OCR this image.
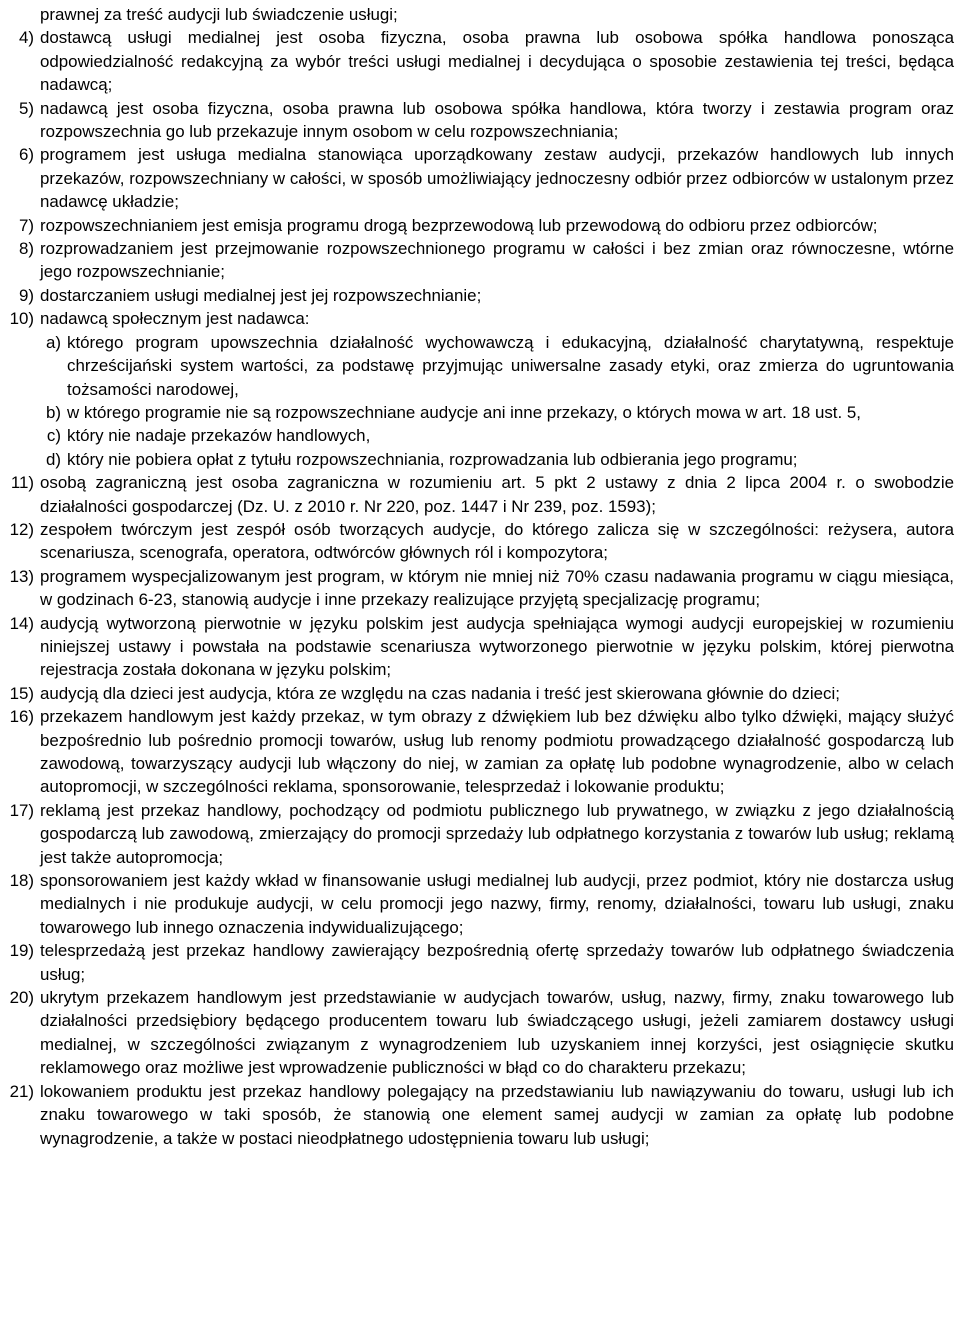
prawnej za treść audycji lub świadczenie usługi;
4) dostawcą usługi medialnej jest osoba fizyczna, osoba prawna lub osobowa spółka handlowa ponosząca odpowiedzialność redakcyjną za wybór treści usługi medialnej i decydująca o sposobie zestawienia tej treści, będąca nadawcą;
5) nadawcą jest osoba fizyczna, osoba prawna lub osobowa spółka handlowa, która tworzy i zestawia program oraz rozpowszechnia go lub przekazuje innym osobom w celu rozpowszechniania;
6) programem jest usługa medialna stanowiąca uporządkowany zestaw audycji, przekazów handlowych lub innych przekazów, rozpowszechniany w całości, w sposób umożliwiający jednoczesny odbiór przez odbiorców w ustalonym przez nadawcę układzie;
7) rozpowszechnianiem jest emisja programu drogą bezprzewodową lub przewodową do odbioru przez odbiorców;
8) rozprowadzaniem jest przejmowanie rozpowszechnionego programu w całości i bez zmian oraz równoczesne, wtórne jego rozpowszechnianie;
9) dostarczaniem usługi medialnej jest jej rozpowszechnianie;
10) nadawcą społecznym jest nadawca:
a) którego program upowszechnia działalność wychowawczą i edukacyjną, działalność charytatywną, respektuje chrześcijański system wartości, za podstawę przyjmując uniwersalne zasady etyki, oraz zmierza do ugruntowania tożsamości narodowej,
b) w którego programie nie są rozpowszechniane audycje ani inne przekazy, o których mowa w art. 18 ust. 5,
c) który nie nadaje przekazów handlowych,
d) który nie pobiera opłat z tytułu rozpowszechniania, rozprowadzania lub odbierania jego programu;
11) osobą zagraniczną jest osoba zagraniczna w rozumieniu art. 5 pkt 2 ustawy z dnia 2 lipca 2004 r. o swobodzie działalności gospodarczej (Dz. U. z 2010 r. Nr 220, poz. 1447 i Nr 239, poz. 1593);
12) zespołem twórczym jest zespół osób tworzących audycje, do którego zalicza się w szczególności: reżysera, autora scenariusza, scenografa, operatora, odtwórców głównych ról i kompozytora;
13) programem wyspecjalizowanym jest program, w którym nie mniej niż 70% czasu nadawania programu w ciągu miesiąca, w godzinach 6-23, stanowią audycje i inne przekazy realizujące przyjętą specjalizację programu;
14) audycją wytworzoną pierwotnie w języku polskim jest audycja spełniająca wymogi audycji europejskiej w rozumieniu niniejszej ustawy i powstała na podstawie scenariusza wytworzonego pierwotnie w języku polskim, której pierwotna rejestracja została dokonana w języku polskim;
15) audycją dla dzieci jest audycja, która ze względu na czas nadania i treść jest skierowana głównie do dzieci;
16) przekazem handlowym jest każdy przekaz, w tym obrazy z dźwiękiem lub bez dźwięku albo tylko dźwięki, mający służyć bezpośrednio lub pośrednio promocji towarów, usług lub renomy podmiotu prowadzącego działalność gospodarczą lub zawodową, towarzyszący audycji lub włączony do niej, w zamian za opłatę lub podobne wynagrodzenie, albo w celach autopromocji, w szczególności reklama, sponsorowanie, telesprzedaż i lokowanie produktu;
17) reklamą jest przekaz handlowy, pochodzący od podmiotu publicznego lub prywatnego, w związku z jego działalnością gospodarczą lub zawodową, zmierzający do promocji sprzedaży lub odpłatnego korzystania z towarów lub usług; reklamą jest także autopromocja;
18) sponsorowaniem jest każdy wkład w finansowanie usługi medialnej lub audycji, przez podmiot, który nie dostarcza usług medialnych i nie produkuje audycji, w celu promocji jego nazwy, firmy, renomy, działalności, towaru lub usługi, znaku towarowego lub innego oznaczenia indywidualizującego;
19) telesprzedażą jest przekaz handlowy zawierający bezpośrednią ofertę sprzedaży towarów lub odpłatnego świadczenia usług;
20) ukrytym przekazem handlowym jest przedstawianie w audycjach towarów, usług, nazwy, firmy, znaku towarowego lub działalności przedsiębiory będącego producentem towaru lub świadczącego usługi, jeżeli zamiarem dostawcy usługi medialnej, w szczególności związanym z wynagrodzeniem lub uzyskaniem innej korzyści, jest osiągnięcie skutku reklamowego oraz możliwe jest wprowadzenie publiczności w błąd co do charakteru przekazu;
21) lokowaniem produktu jest przekaz handlowy polegający na przedstawianiu lub nawiązywaniu do towaru, usługi lub ich znaku towarowego w taki sposób, że stanowią one element samej audycji w zamian za opłatę lub podobne wynagrodzenie, a także w postaci nieodpłatnego udostępnienia towaru lub usługi;
